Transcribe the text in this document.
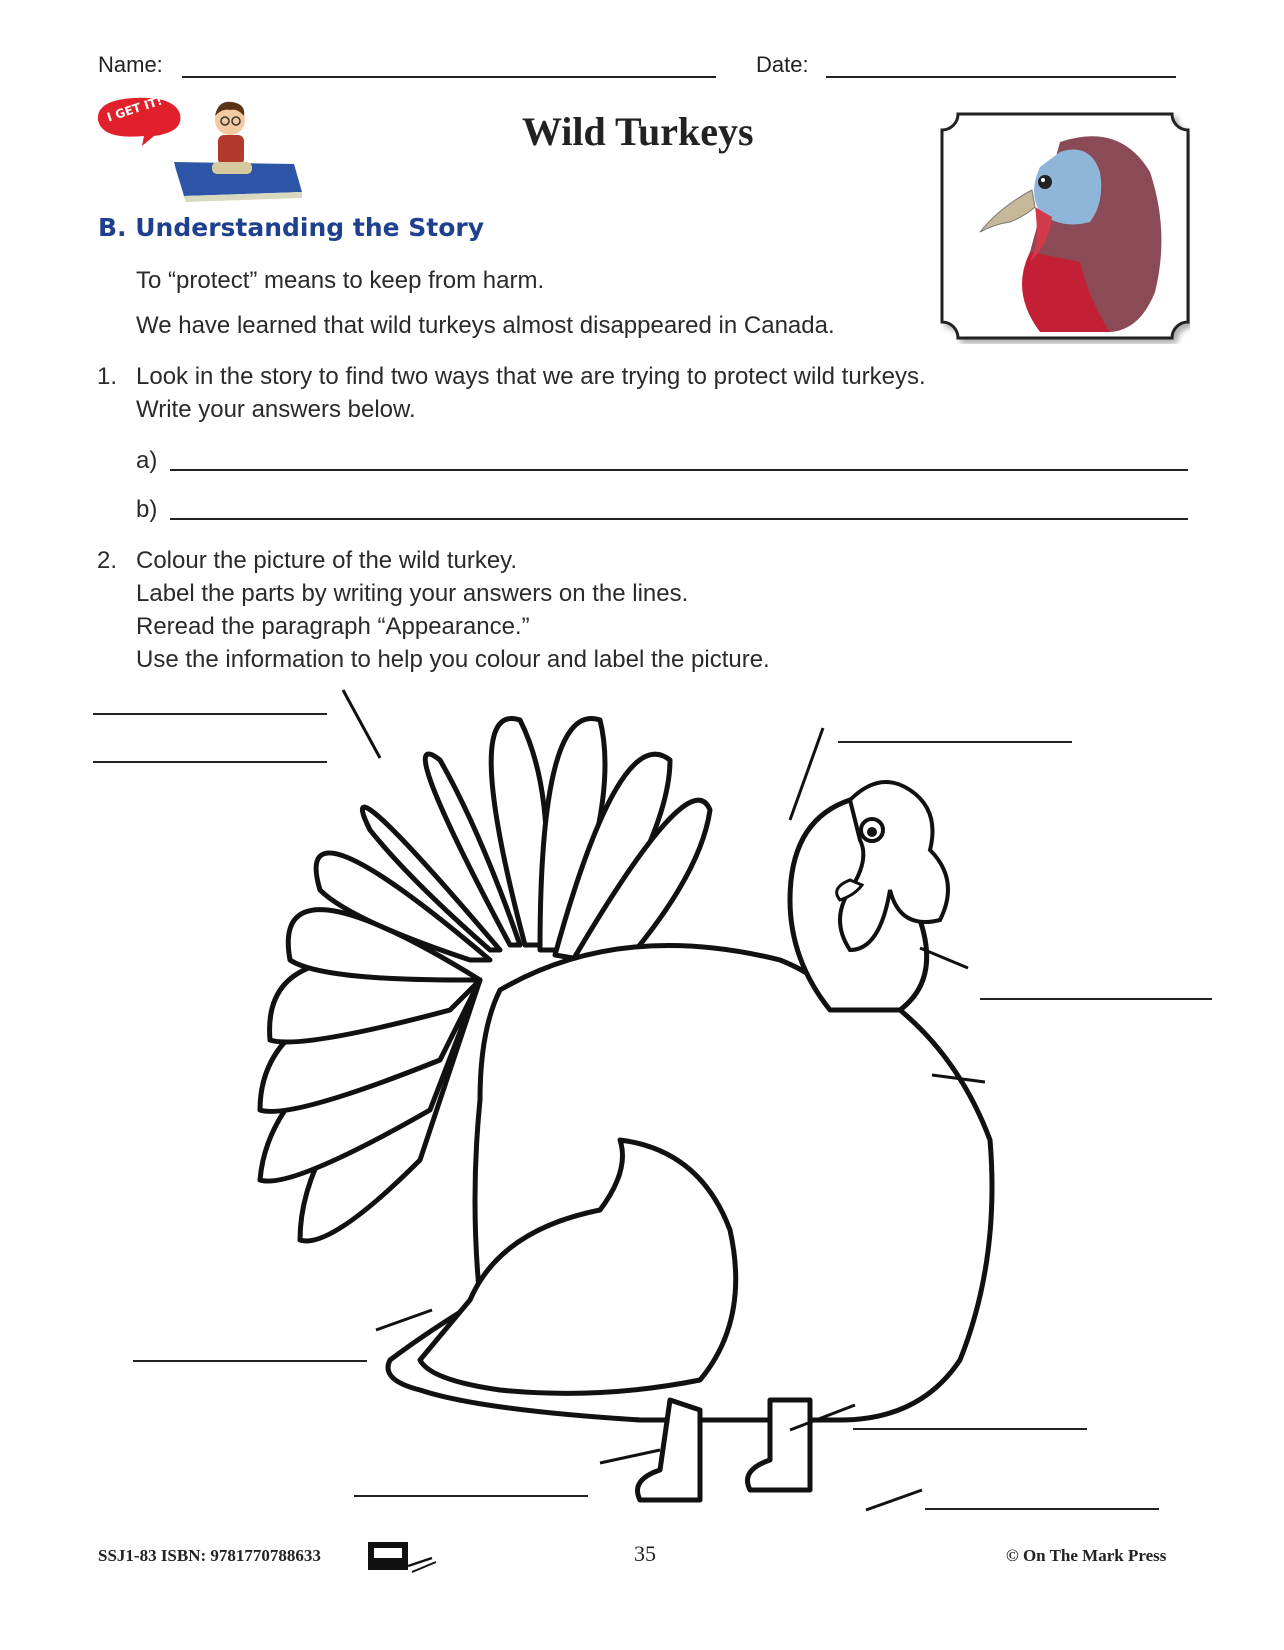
Name:	Date:
I GET IT!	Wild Turkeys
B. Understanding the Story
To “protect” means to keep from harm.
We have learned that wild turkeys almost disappeared in Canada.
1. Look in the story to find two ways that we are trying to protect wild turkeys.
Write your answers below.
a)
b)
2. Colour the picture of the wild turkey.
Label the parts by writing your answers on the lines.
Reread the paragraph “Appearance.”
Use the information to help you colour and label the picture.
SSJ1-83 ISBN: 9781770788633	35	© On The Mark Press
